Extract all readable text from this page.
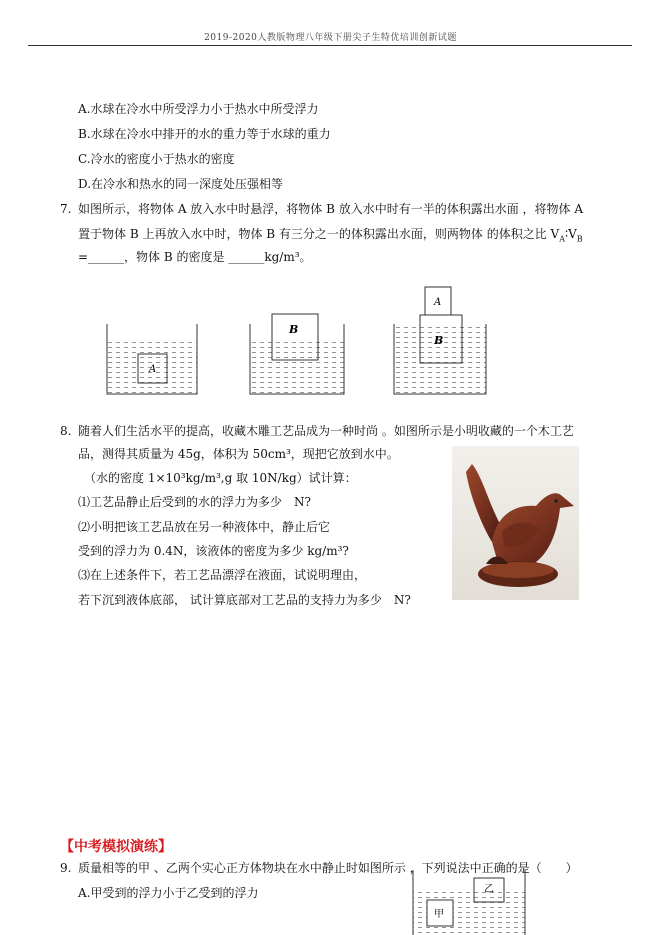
2019-2020人教版物理八年级下册尖子生特优培训创新试题
A.水球在冷水中所受浮力小于热水中所受浮力
B.水球在冷水中排开的水的重力等于水球的重力
C.冷水的密度小于热水的密度
D.在冷水和热水的同一深度处压强相等
7. 如图所示，将物体 A 放入水中时悬浮，将物体 B 放入水中时有一半的体积露出水面 ，将物体 A
置于物体 B 上再放入水中时，物体 B 有三分之一的体积露出水面，则两物体 的体积之比 $V_A∶V_B$
=______，物体 B 的密度是 ______kg/m³。
A
B
A
B
8. 随着人们生活水平的提高，收藏木雕工艺品成为一种时尚 。如图所示是小明收藏的一个木工艺
品，测得其质量为 45g，体积为 50cm³，现把它放到水中。
（水的密度 1×10³kg/m³,g 取 10N/kg）试计算：
⑴工艺品静止后受到的水的浮力为多少　N?
⑵小明把该工艺品放在另一种液体中，静止后它
受到的浮力为 0.4N，该液体的密度为多少 kg/m³?
⑶在上述条件下，若工艺品漂浮在液面，试说明理由，
若下沉到液体底部， 试计算底部对工艺品的支持力为多少　N?
【中考模拟演练】
9. 质量相等的甲 、乙两个实心正方体物块在水中静止时如图所示 ，下列说法中正确的是（　　）
A.甲受到的浮力小于乙受到的浮力
甲
乙
